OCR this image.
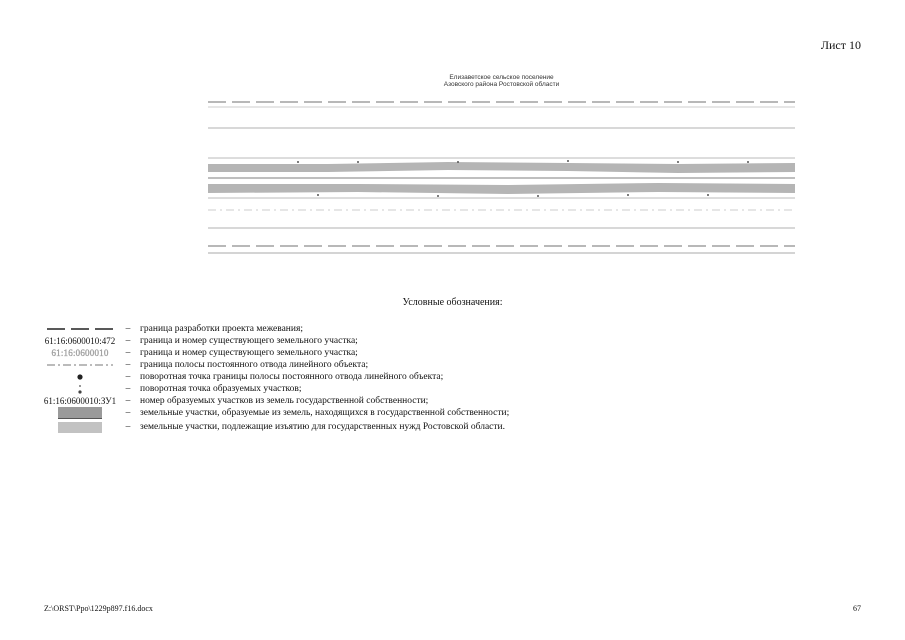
Лист 10
Елизаветское сельское поселение
Азовского района Ростовской области
Условные обозначения:
– граница разработки проекта межевания;
61:16:0600010:472 – граница и номер существующего земельного участка;
61:16:0600010 – граница и номер существующего земельного участка;
– граница полосы постоянного отвода линейного объекта;
– поворотная точка границы полосы постоянного отвода линейного объекта;
– поворотная точка образуемых участков;
61:16:0600010:ЗУ1 – номер образуемых участков из земель государственной собственности;
– земельные участки, образуемые из земель, находящихся в государственной собственности;
– земельные участки, подлежащие изъятию для государственных нужд Ростовской области.
Z:\ORST\Ppo\1229p897.f16.docx	67
